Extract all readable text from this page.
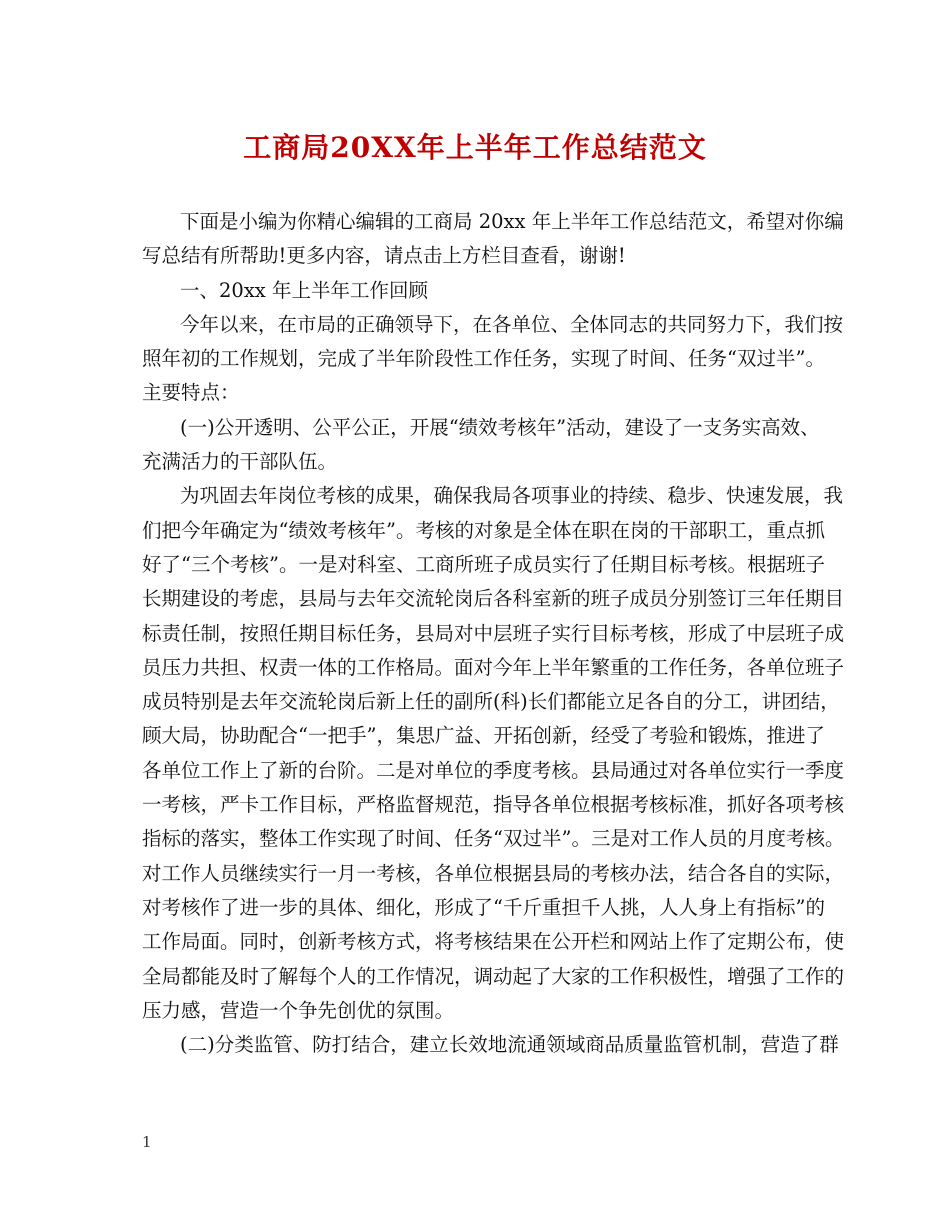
工商局20XX年上半年工作总结范文
下面是小编为你精心编辑的工商局 20xx 年上半年工作总结范文，希望对你编
写总结有所帮助!更多内容，请点击上方栏目查看，谢谢!
一、20xx 年上半年工作回顾
今年以来，在市局的正确领导下，在各单位、全体同志的共同努力下，我们按
照年初的工作规划，完成了半年阶段性工作任务，实现了时间、任务“双过半”。
主要特点：
(一)公开透明、公平公正，开展“绩效考核年”活动，建设了一支务实高效、
充满活力的干部队伍。
为巩固去年岗位考核的成果，确保我局各项事业的持续、稳步、快速发展，我
们把今年确定为“绩效考核年”。考核的对象是全体在职在岗的干部职工，重点抓
好了“三个考核”。一是对科室、工商所班子成员实行了任期目标考核。根据班子
长期建设的考虑，县局与去年交流轮岗后各科室新的班子成员分别签订三年任期目
标责任制，按照任期目标任务，县局对中层班子实行目标考核，形成了中层班子成
员压力共担、权责一体的工作格局。面对今年上半年繁重的工作任务，各单位班子
成员特别是去年交流轮岗后新上任的副所(科)长们都能立足各自的分工，讲团结，
顾大局，协助配合“一把手”，集思广益、开拓创新，经受了考验和锻炼，推进了
各单位工作上了新的台阶。二是对单位的季度考核。县局通过对各单位实行一季度
一考核，严卡工作目标，严格监督规范，指导各单位根据考核标准，抓好各项考核
指标的落实，整体工作实现了时间、任务“双过半”。三是对工作人员的月度考核。
对工作人员继续实行一月一考核，各单位根据县局的考核办法，结合各自的实际，
对考核作了进一步的具体、细化，形成了“千斤重担千人挑，人人身上有指标”的
工作局面。同时，创新考核方式，将考核结果在公开栏和网站上作了定期公布，使
全局都能及时了解每个人的工作情况，调动起了大家的工作积极性，增强了工作的
压力感，营造一个争先创优的氛围。
(二)分类监管、防打结合，建立长效地流通领域商品质量监管机制，营造了群
1
